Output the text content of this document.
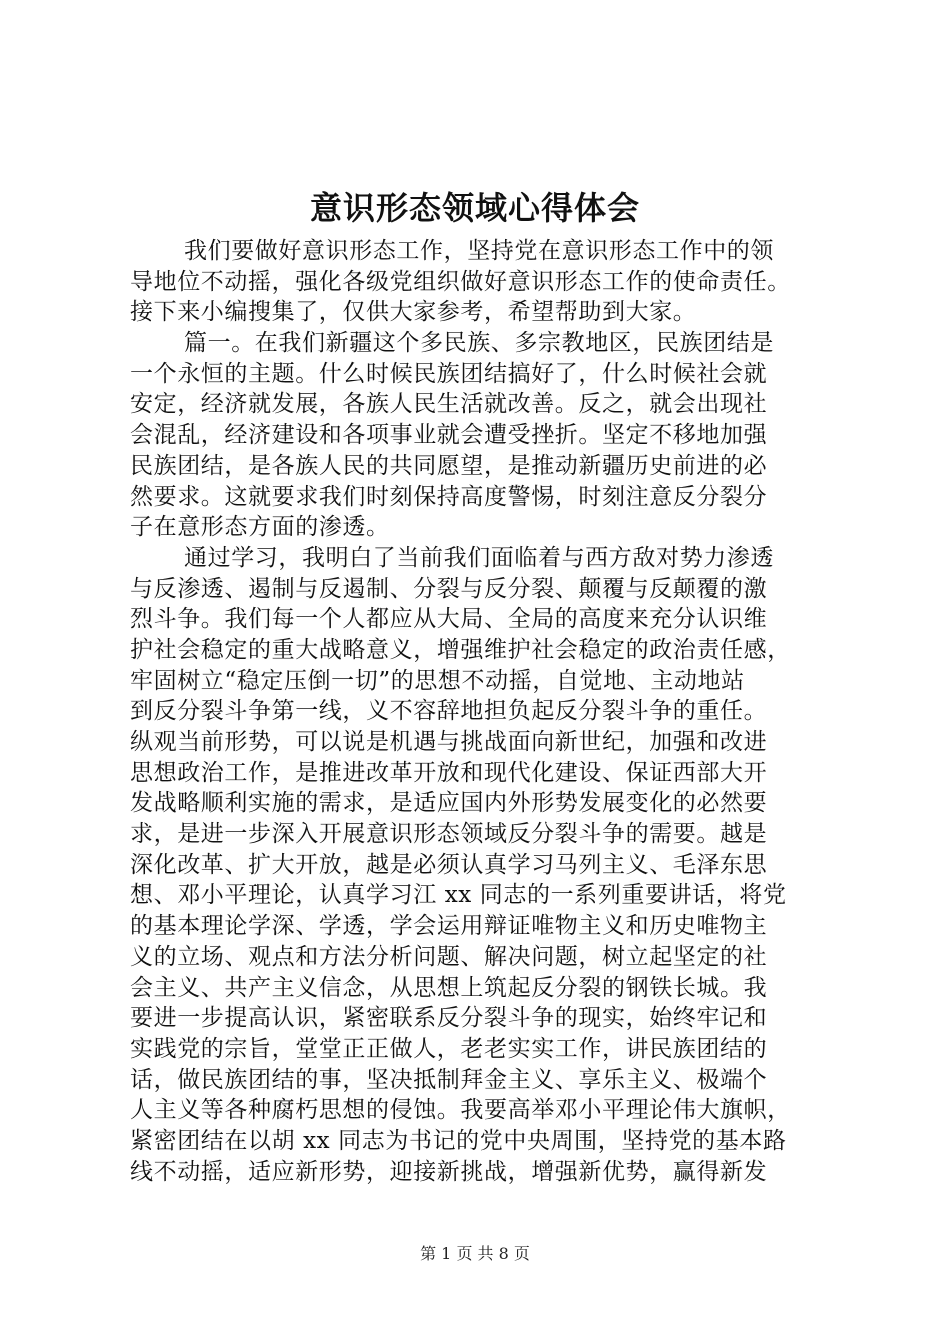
意识形态领域心得体会
我们要做好意识形态工作，坚持党在意识形态工作中的领
导地位不动摇，强化各级党组织做好意识形态工作的使命责任。
接下来小编搜集了，仅供大家参考，希望帮助到大家。
篇一。在我们新疆这个多民族、多宗教地区，民族团结是
一个永恒的主题。什么时候民族团结搞好了，什么时候社会就
安定，经济就发展，各族人民生活就改善。反之，就会出现社
会混乱，经济建设和各项事业就会遭受挫折。坚定不移地加强
民族团结，是各族人民的共同愿望，是推动新疆历史前进的必
然要求。这就要求我们时刻保持高度警惕，时刻注意反分裂分
子在意形态方面的渗透。
通过学习，我明白了当前我们面临着与西方敌对势力渗透
与反渗透、遏制与反遏制、分裂与反分裂、颠覆与反颠覆的激
烈斗争。我们每一个人都应从大局、全局的高度来充分认识维
护社会稳定的重大战略意义，增强维护社会稳定的政治责任感，
牢固树立“稳定压倒一切”的思想不动摇，自觉地、主动地站
到反分裂斗争第一线，义不容辞地担负起反分裂斗争的重任。
纵观当前形势，可以说是机遇与挑战面向新世纪，加强和改进
思想政治工作，是推进改革开放和现代化建设、保证西部大开
发战略顺利实施的需求，是适应国内外形势发展变化的必然要
求，是进一步深入开展意识形态领域反分裂斗争的需要。越是
深化改革、扩大开放，越是必须认真学习马列主义、毛泽东思
想、邓小平理论，认真学习江 xx 同志的一系列重要讲话，将党
的基本理论学深、学透，学会运用辩证唯物主义和历史唯物主
义的立场、观点和方法分析问题、解决问题，树立起坚定的社
会主义、共产主义信念，从思想上筑起反分裂的钢铁长城。我
要进一步提高认识，紧密联系反分裂斗争的现实，始终牢记和
实践党的宗旨，堂堂正正做人，老老实实工作，讲民族团结的
话，做民族团结的事，坚决抵制拜金主义、享乐主义、极端个
人主义等各种腐朽思想的侵蚀。我要高举邓小平理论伟大旗帜，
紧密团结在以胡 xx 同志为书记的党中央周围，坚持党的基本路
线不动摇，适应新形势，迎接新挑战，增强新优势，赢得新发
第 1 页 共 8 页
